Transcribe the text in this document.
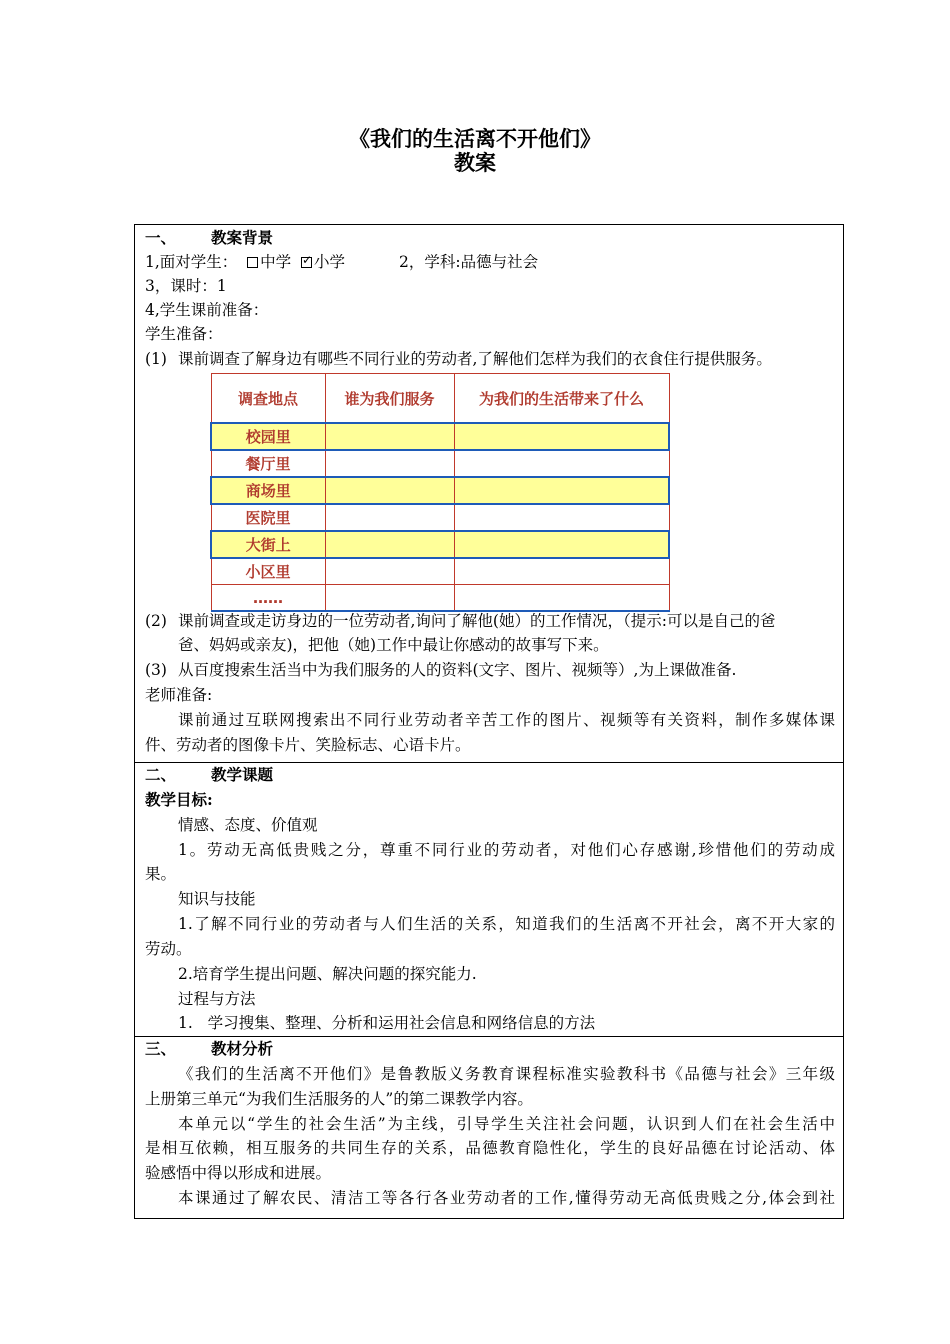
《我们的生活离不开他们》
教案
一、 教案背景
1,面对学生： 中学 ✓ 小学	2，学科:品德与社会
3，课时：1
4,学生课前准备：
学生准备：
(1) 课前调查了解身边有哪些不同行业的劳动者,了解他们怎样为我们的衣食住行提供服务。
调查地点	谁为我们服务	为我们的生活带来了什么
校园里		
餐厅里		
商场里		
医院里		
大街上		
小区里		
……		
(2) 课前调查或走访身边的一位劳动者,询问了解他(她）的工作情况，（提示:可以是自己的爸
爸、妈妈或亲友)，把他（她)工作中最让你感动的故事写下来。
(3) 从百度搜索生活当中为我们服务的人的资料(文字、图片、视频等）,为上课做准备.
老师准备:
课前通过互联网搜索出不同行业劳动者辛苦工作的图片、视频等有关资料，制作多媒体课
件、劳动者的图像卡片、笑脸标志、心语卡片。
二、 教学课题
教学目标:
情感、态度、价值观
1。劳动无高低贵贱之分，尊重不同行业的劳动者，对他们心存感谢,珍惜他们的劳动成
果。
知识与技能
1.了解不同行业的劳动者与人们生活的关系，知道我们的生活离不开社会，离不开大家的
劳动。
2.培育学生提出问题、解决问题的探究能力.
过程与方法
1.   学习搜集、整理、分析和运用社会信息和网络信息的方法
三、 教材分析
《我们的生活离不开他们》是鲁教版义务教育课程标准实验教科书《品德与社会》三年级
上册第三单元“为我们生活服务的人”的第二课教学内容。
本单元以“学生的社会生活”为主线，引导学生关注社会问题，认识到人们在社会生活中
是相互依赖，相互服务的共同生存的关系，品德教育隐性化，学生的良好品德在讨论活动、体
验感悟中得以形成和进展。
本课通过了解农民、清洁工等各行各业劳动者的工作,懂得劳动无高低贵贱之分,体会到社
